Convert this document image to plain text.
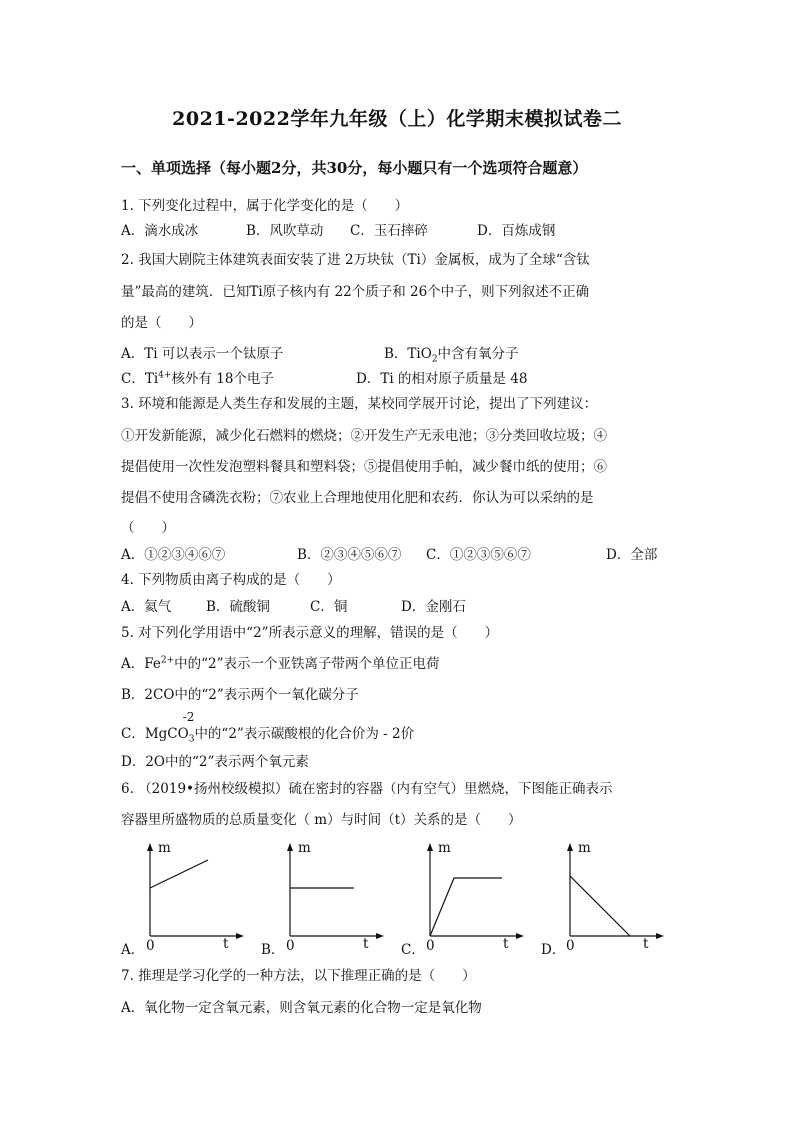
2021-2022学年九年级（上）化学期末模拟试卷二
一、单项选择（每小题2分，共30分，每小题只有一个选项符合题意）
1. 下列变化过程中，属于化学变化的是（　　）
A．滴水成冰	B．风吹草动 C．玉石摔碎	D．百炼成钢
2. 我国大剧院主体建筑表面安装了进 2万块钛（Ti）金属板，成为了全球“含钛
量”最高的建筑．已知Ti原子核内有 22个质子和 26个中子，则下列叙述不正确
的是（　　）
A．Ti 可以表示一个钛原子	B．TiO$_2$中含有氧分子
C．$Ti^{4+}$核外有 18个电子	D．Ti 的相对原子质量是 48
3. 环境和能源是人类生存和发展的主题，某校同学展开讨论，提出了下列建议：
①开发新能源，减少化石燃料的燃烧；②开发生产无汞电池；③分类回收垃圾；④
提倡使用一次性发泡塑料餐具和塑料袋；⑤提倡使用手帕，减少餐巾纸的使用；⑥
提倡不使用含磷洗衣粉；⑦农业上合理地使用化肥和农药．你认为可以采纳的是
（　　）
A．①②③④⑥⑦	B．②③④⑤⑥⑦ C．①②③⑤⑥⑦	D．全部
4. 下列物质由离子构成的是（　　）
A．氦气	B．硫酸铜	C．铜	D．金刚石
5. 对下列化学用语中“2”所表示意义的理解，错误的是（　　）
A．$Fe^{2+}$中的“2”表示一个亚铁离子带两个单位正电荷
B．2CO中的“2”表示两个一氧化碳分子
C．MgCO$_3$
-2
中的“2”表示碳酸根的化合价为 - 2价
D．2O中的“2”表示两个氧元素
6. （2019•扬州校级模拟）硫在密封的容器（内有空气）里燃烧，下图能正确表示
容器里所盛物质的总质量变化（ m）与时间（t）关系的是（　　）
m
A． 0	t
m
B． 0	t
m
C． 0	t
m
D． 0	t
7. 推理是学习化学的一种方法，以下推理正确的是（　　）
A．氧化物一定含氧元素，则含氧元素的化合物一定是氧化物
